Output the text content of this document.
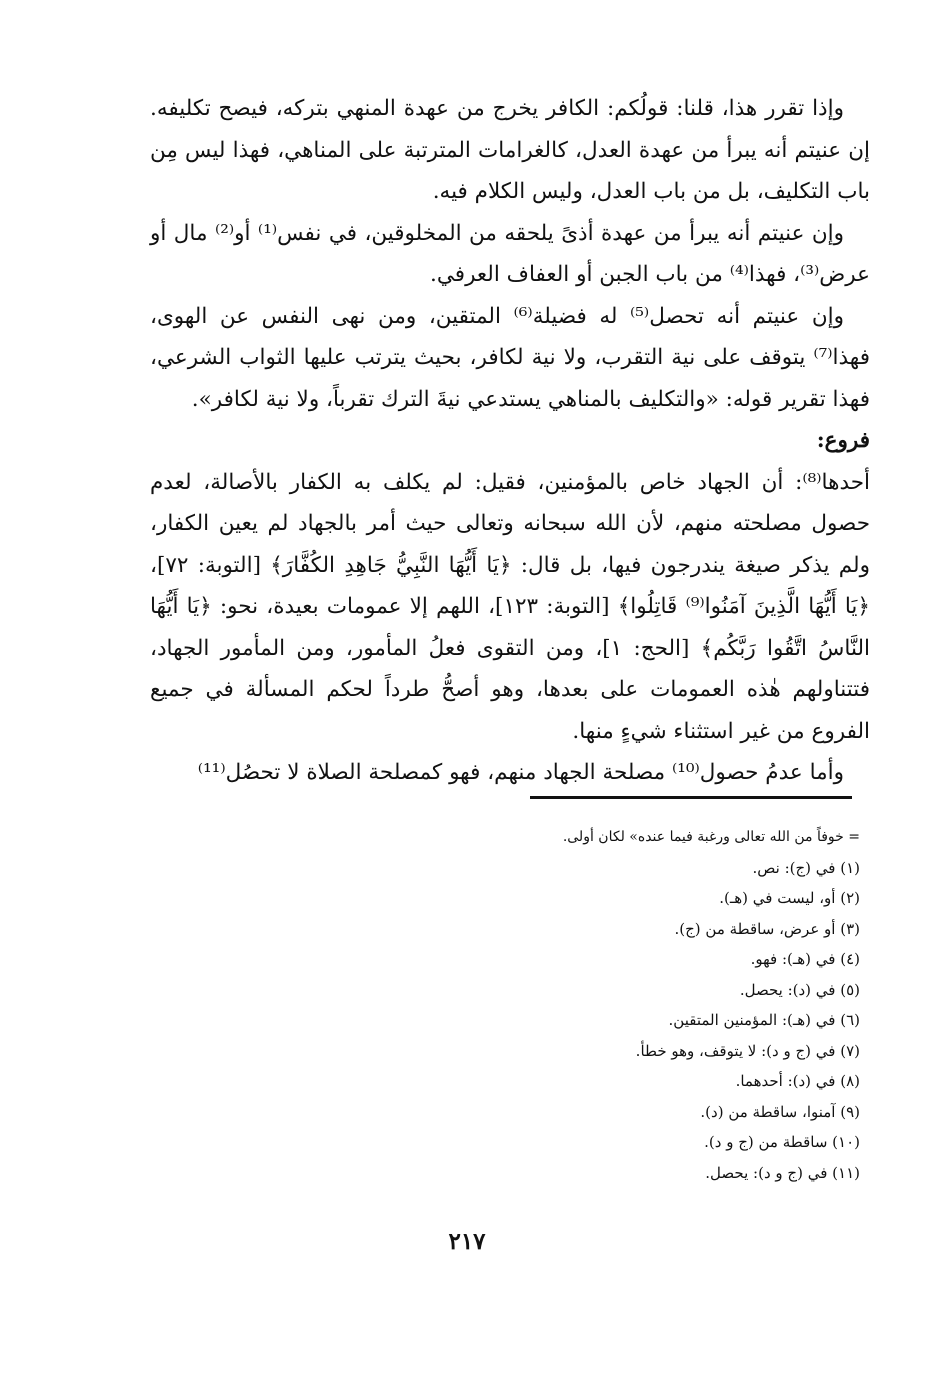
وإذا تقرر هذا، قلنا: قولُكم: الكافر يخرج من عهدة المنهي بتركه، فيصح تكليفه. إن عنيتم أنه يبرأ من عهدة العدل، كالغرامات المترتبة على المناهي، فهذا ليس مِن باب التكليف، بل من باب العدل، وليس الكلام فيه.

وإن عنيتم أنه يبرأ من عهدة أذىً يلحقه من المخلوقين، في نفس⁽¹⁾ أو⁽²⁾ مال أو عرض⁽³⁾، فهذا⁽⁴⁾ من باب الجبن أو العفاف العرفي.

وإن عنيتم أنه تحصل⁽⁵⁾ له فضيلة⁽⁶⁾ المتقين، ومن نهى النفس عن الهوى، فهذا⁽⁷⁾ يتوقف على نية التقرب، ولا نية لكافر، بحيث يترتب عليها الثواب الشرعي، فهذا تقرير قوله: «والتكليف بالمناهي يستدعي نيةَ الترك تقرباً، ولا نية لكافر».

فروع:

أحدها⁽⁸⁾: أن الجهاد خاص بالمؤمنين، فقيل: لم يكلف به الكفار بالأصالة، لعدم حصول مصلحته منهم، لأن الله سبحانه وتعالى حيث أمر بالجهاد لم يعين الكفار، ولم يذكر صيغة يندرجون فيها، بل قال: ﴿يَا أَيُّهَا النَّبِيُّ جَاهِدِ الكُفَّارَ﴾ [التوبة: ٧٢]، ﴿يَا أَيُّهَا الَّذِينَ آمَنُوا⁽⁹⁾ قَاتِلُوا﴾ [التوبة: ١٢٣]، اللهم إلا عمومات بعيدة، نحو: ﴿يَا أَيُّهَا النَّاسُ اتَّقُوا رَبَّكُم﴾ [الحج: ١]، ومن التقوى فعلُ المأمور، ومن المأمور الجهاد، فتتناولهم هٰذه العمومات على بعدها، وهو أصحُّ طرداً لحكم المسألة في جميع الفروع من غير استثناء شيءٍ منها.

وأما عدمُ حصول⁽¹⁰⁾ مصلحة الجهاد منهم، فهو كمصلحة الصلاة لا تحصُل⁽¹¹⁾

= خوفاً من الله تعالى ورغبة فيما عنده» لكان أولى.
(١) في (ج): نص.
(٢) أو، ليست في (هـ).
(٣) أو عرض، ساقطة من (ج).
(٤) في (هـ): فهو.
(٥) في (د): يحصل.
(٦) في (هـ): المؤمنين المتقين.
(٧) في (ج و د): لا يتوقف، وهو خطأ.
(٨) في (د): أحدهما.
(٩) آمنوا، ساقطة من (د).
(١٠) ساقطة من (ج و د).
(١١) في (ج و د): يحصل.
٢١٧
